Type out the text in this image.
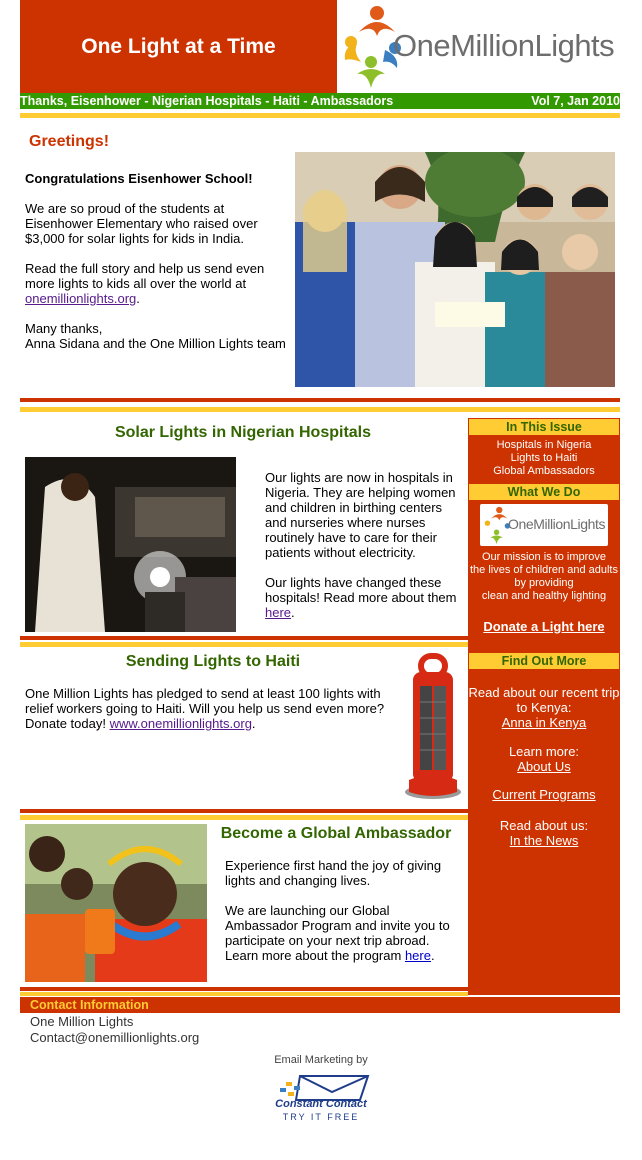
One Light at a Time	OneMillionLights
Thanks, Eisenhower - Nigerian Hospitals - Haiti - Ambassadors	Vol 7, Jan 2010
Greetings!

Congratulations Eisenhower School!

We are so proud of the students at Eisenhower Elementary who raised over $3,000 for solar lights for kids in India.

Read the full story and help us send even more lights to kids all over the world at onemillionlights.org.

Many thanks,
Anna Sidana and the One Million Lights team

Solar Lights in Nigerian Hospitals

Our lights are now in hospitals in Nigeria. They are helping women and children in birthing centers and nurseries where nurses routinely have to care for their patients without electricity.

Our lights have changed these hospitals! Read more about them here.

Sending Lights to Haiti
One Million Lights has pledged to send at least 100 lights with relief workers going to Haiti. Will you help us send even more? Donate today! www.onemillionlights.org.
Become a Global Ambassador

Experience first hand the joy of giving lights and changing lives.

We are launching our Global Ambassador Program and invite you to participate on your next trip abroad. Learn more about the program here.

In This Issue
Hospitals in Nigeria
Lights to Haiti
Global Ambassadors
What We Do
OneMillionLights
Our mission is to improve
the lives of children and adults
by providing
clean and healthy lighting
Donate a Light here
Find Out More
Read about our recent trip to Kenya:
Anna in Kenya
Learn more:
About Us
Current Programs
Read about us:
In the News
Contact Information
One Million Lights
Contact@onemillionlights.org
Email Marketing by
Constant Contact
TRY IT FREE
